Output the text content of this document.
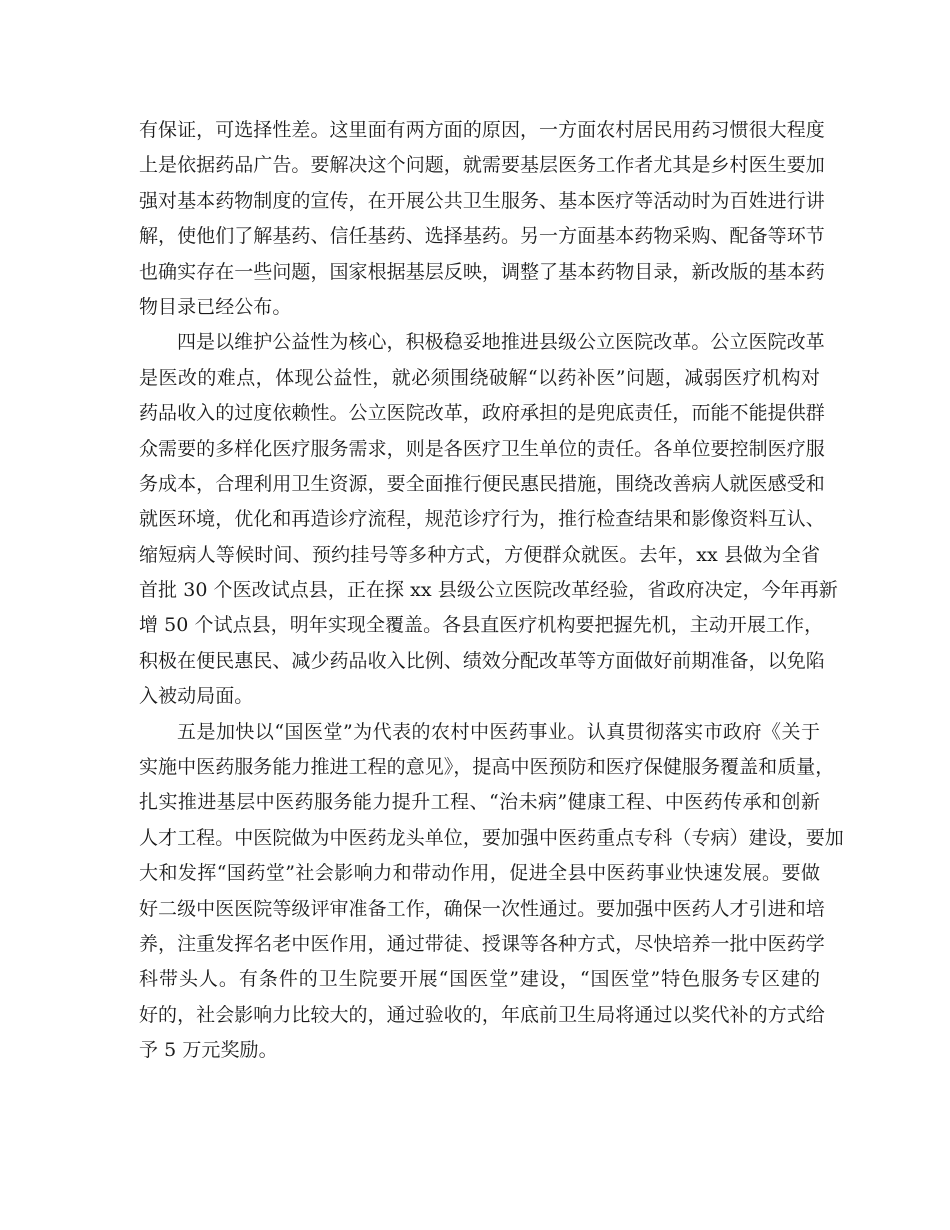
有保证，可选择性差。这里面有两方面的原因，一方面农村居民用药习惯很大程度
上是依据药品广告。要解决这个问题，就需要基层医务工作者尤其是乡村医生要加
强对基本药物制度的宣传，在开展公共卫生服务、基本医疗等活动时为百姓进行讲
解，使他们了解基药、信任基药、选择基药。另一方面基本药物采购、配备等环节
也确实存在一些问题，国家根据基层反映，调整了基本药物目录，新改版的基本药
物目录已经公布。
四是以维护公益性为核心，积极稳妥地推进县级公立医院改革。公立医院改革
是医改的难点，体现公益性，就必须围绕破解“以药补医”问题，减弱医疗机构对
药品收入的过度依赖性。公立医院改革，政府承担的是兜底责任，而能不能提供群
众需要的多样化医疗服务需求，则是各医疗卫生单位的责任。各单位要控制医疗服
务成本，合理利用卫生资源，要全面推行便民惠民措施，围绕改善病人就医感受和
就医环境，优化和再造诊疗流程，规范诊疗行为，推行检查结果和影像资料互认、
缩短病人等候时间、预约挂号等多种方式，方便群众就医。去年，xx 县做为全省
首批 30 个医改试点县，正在探 xx 县级公立医院改革经验，省政府决定，今年再新
增 50 个试点县，明年实现全覆盖。各县直医疗机构要把握先机，主动开展工作，
积极在便民惠民、减少药品收入比例、绩效分配改革等方面做好前期准备，以免陷
入被动局面。
五是加快以“国医堂”为代表的农村中医药事业。认真贯彻落实市政府《关于
实施中医药服务能力推进工程的意见》，提高中医预防和医疗保健服务覆盖和质量，
扎实推进基层中医药服务能力提升工程、“治未病”健康工程、中医药传承和创新
人才工程。中医院做为中医药龙头单位，要加强中医药重点专科（专病）建设，要加
大和发挥“国药堂”社会影响力和带动作用，促进全县中医药事业快速发展。要做
好二级中医医院等级评审准备工作，确保一次性通过。要加强中医药人才引进和培
养，注重发挥名老中医作用，通过带徒、授课等各种方式，尽快培养一批中医药学
科带头人。有条件的卫生院要开展“国医堂”建设，“国医堂”特色服务专区建的
好的，社会影响力比较大的，通过验收的，年底前卫生局将通过以奖代补的方式给
予 5 万元奖励。
